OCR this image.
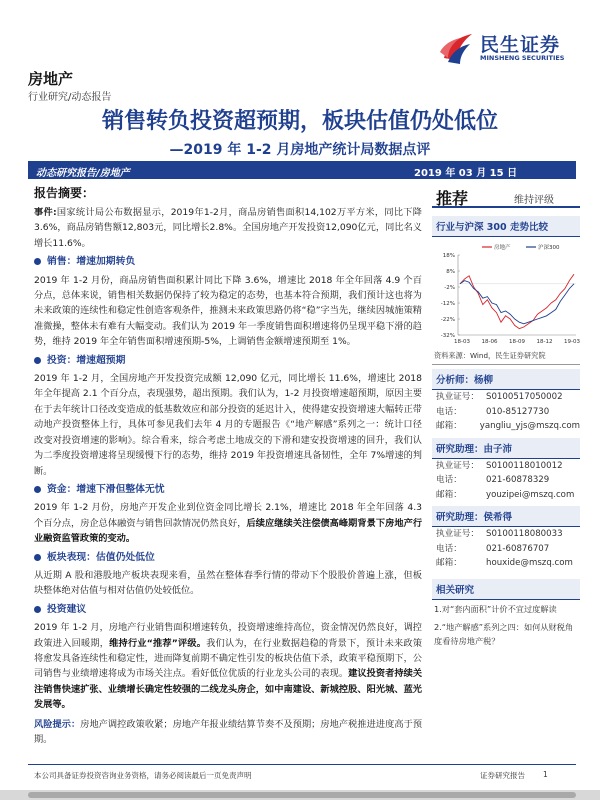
民生证券
MINSHENG SECURITIES
房地产
行业研究/动态报告
销售转负投资超预期，板块估值仍处低位
—2019 年 1-2 月房地产统计局数据点评
动态研究报告/房地产	2019 年 03 月 15 日
报告摘要：

事件:国家统计局公布数据显示，2019年1-2月，商品房销售面积14,102万平方米，同比下降3.6%，商品房销售额12,803元，同比增长2.8%。全国房地产开发投资12,090亿元，同比名义增长11.6%。

销售：增速加期转负

2019 年 1-2 月份，商品房销售面积累计同比下降 3.6%，增速比 2018 年全年回落 4.9 个百分点，总体来说，销售相关数据仍保持了较为稳定的态势，也基本符合预期，我们预计这也将为未来政策的连续性和稳定性创造客观条件，推测未来政策思路仍将“稳”字当先，继续因城施策精准微操，整体未有难有大幅变动。我们认为 2019 年一季度销售面积增速将仍呈现平稳下滑的趋势，维持 2019 年全年销售面积增速预期-5%，上调销售金额增速预期至 1%。

投资：增速超预期

2019 年 1-2 月，全国房地产开发投资完成额 12,090 亿元，同比增长 11.6%，增速比 2018 年全年提高 2.1 个百分点，表现强势，超出预期。我们认为，1-2 月投资增速超预期，原因主要在于去年统计口径改变造成的低基数效应和部分投资的延迟计入，使得建安投资增速大幅转正带动地产投资整体上行，具体可参见我们去年 4 月的专题报告《“地产解感”系列之一：统计口径改变对投资增速的影响》。综合看来，综合考虑土地成交的下滑和建安投资增速的回升，我们认为二季度投资增速将呈现缓慢下行的态势，维持 2019 年投资增速具备韧性，全年 7%增速的判断。

资金：增速下滑但整体无忧

2019 年 1-2 月份，房地产开发企业到位资金同比增长 2.1%，增速比 2018 年全年回落 4.3 个百分点，房企总体融资与销售回款情况仍然良好，后续应继续关注偿债高峰期背景下房地产行业融资监管政策的变动。

板块表现：估值仍处低位

从近期 A 股和港股地产板块表现来看，虽然在整体春季行情的带动下个股股价普遍上涨，但板块整体绝对估值与相对估值仍处较低位。

投资建议

2019 年 1-2 月，房地产行业销售面积增速转负，投资增速维持高位，资金情况仍然良好，调控政策进入回暖期，维持行业“推荐”评级。我们认为，在行业数据趋稳的背景下，预计未来政策将愈发具备连续性和稳定性，进而降复前期不确定性引发的板块估值下杀，政策平稳预期下，公司销售与业绩增速将成为市场关注点。看好低位优质的行业龙头公司的表现。建议投资者持续关注销售快速扩张、业绩增长确定性较强的二线龙头房企，如中南建设、新城控股、阳光城、蓝光发展等。

风险提示：房地产调控政策收紧；房地产年报业绩结算节奏不及预期；房地产税推进进度高于预期。

推荐	维持评级
行业与沪深 300 走势比较
18%
8%
-2%
-12%
-22%
-32%
18-03 18-06 18-09 18-12 19-03
房地产	沪深300
资料来源：Wind，民生证券研究院
分析师：杨柳
执业证号： S0100517050002
电话：	010-85127730
邮箱：	yangliu_yjs@mszq.com
研究助理：由子沛
执业证号： S0100118010012
电话：	021-60878329
邮箱：	youzipei@mszq.com
研究助理：侯希得
执业证号： S0100118080033
电话：	021-60876707
邮箱：	houxide@mszq.com
相关研究
1.对“套内面积”计价不宜过度解读
2.“地产解感”系列之四：如何从财税角度看待房地产税？
本公司具备证券投资咨询业务资格，请务必阅读最后一页免责声明	证券研究报告 1
